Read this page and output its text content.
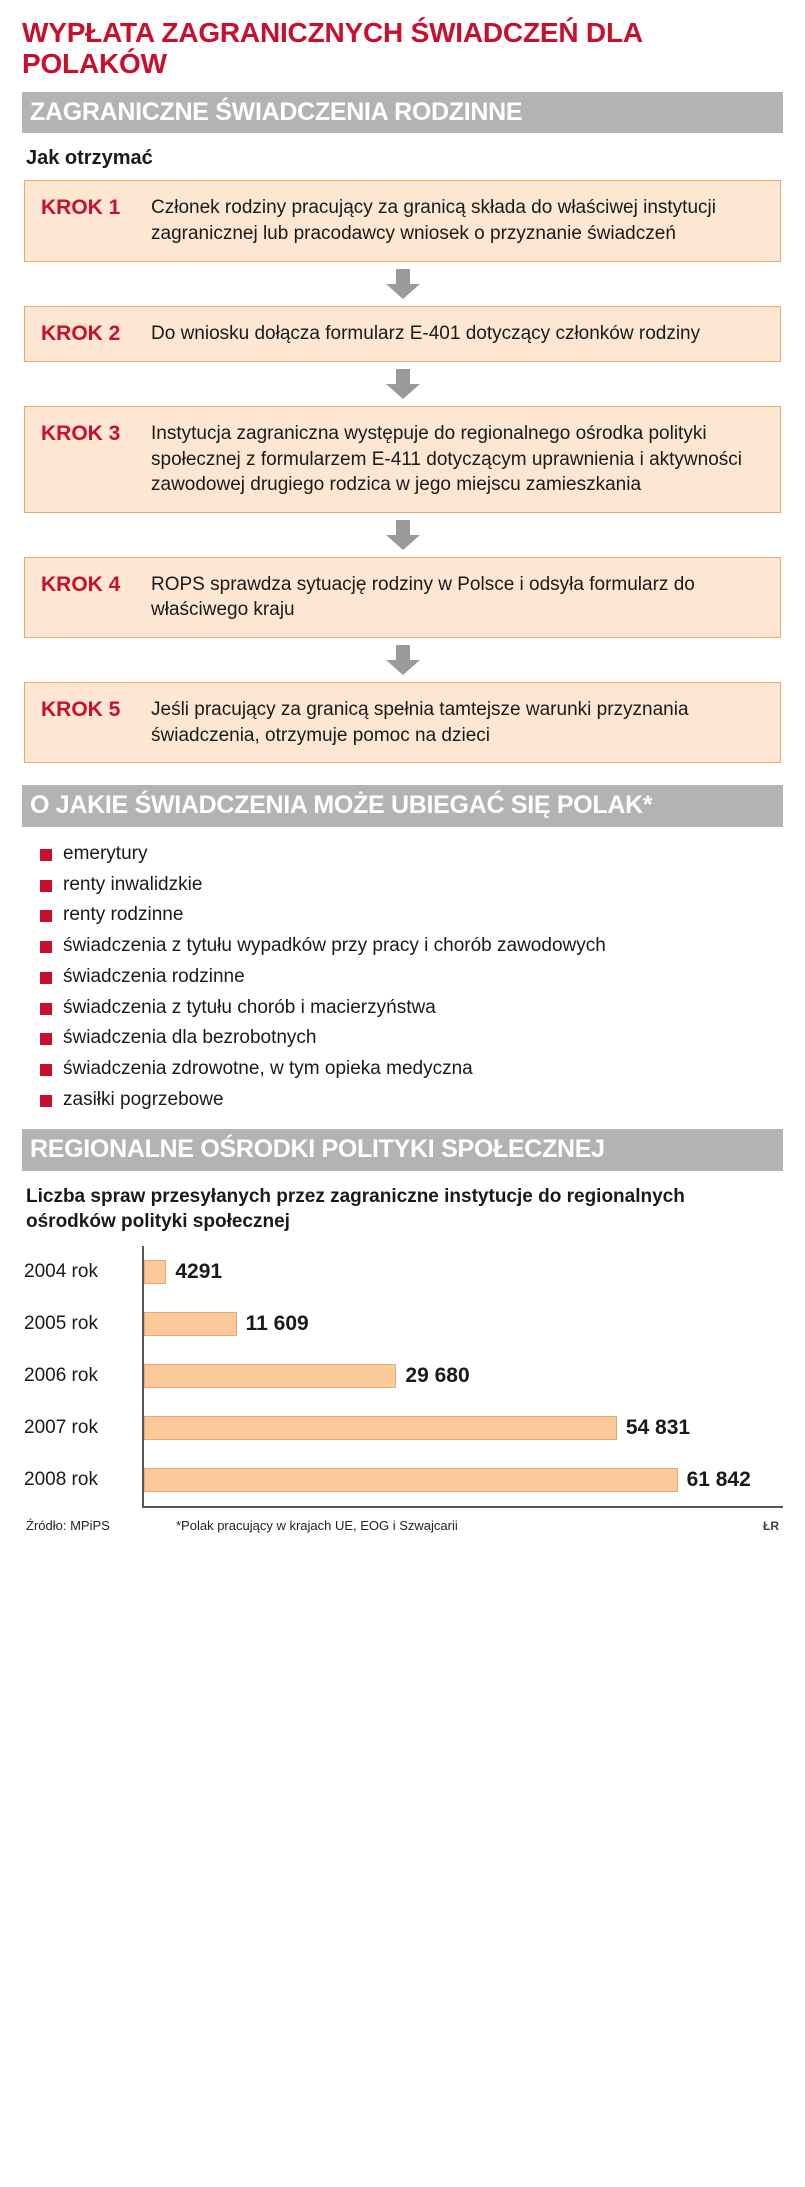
WYPŁATA ZAGRANICZNYCH ŚWIADCZEŃ DLA POLAKÓW
ZAGRANICZNE ŚWIADCZENIA RODZINNE
Jak otrzymać
KROK 1	Członek rodziny pracujący za granicą składa do właściwej instytucji zagranicznej lub pracodawcy wniosek o przyznanie świadczeń
KROK 2	Do wniosku dołącza formularz E-401 dotyczący członków rodziny
KROK 3	Instytucja zagraniczna występuje do regionalnego ośrodka polityki społecznej z formularzem E-411 dotyczącym uprawnienia i aktywności zawodowej drugiego rodzica w jego miejscu zamieszkania
KROK 4	ROPS sprawdza sytuację rodziny w Polsce i odsyła formularz do właściwego kraju
KROK 5	Jeśli pracujący za granicą spełnia tamtejsze warunki przyznania świadczenia, otrzymuje pomoc na dzieci
O JAKIE ŚWIADCZENIA MOŻE UBIEGAĆ SIĘ POLAK*
emerytury
renty inwalidzkie
renty rodzinne
świadczenia z tytułu wypadków przy pracy i chorób zawodowych
świadczenia rodzinne
świadczenia z tytułu chorób i macierzyństwa
świadczenia dla bezrobotnych
świadczenia zdrowotne, w tym opieka medyczna
zasiłki pogrzebowe
REGIONALNE OŚRODKI POLITYKI SPOŁECZNEJ
Liczba spraw przesyłanych przez zagraniczne instytucje do regionalnych ośrodków polityki społecznej
2004 rok	4291
2005 rok	11 609
2006 rok	29 680
2007 rok	54 831
2008 rok	61 842
Źródło: MPiPS	*Polak pracujący w krajach UE, EOG i Szwajcarii	ŁR
